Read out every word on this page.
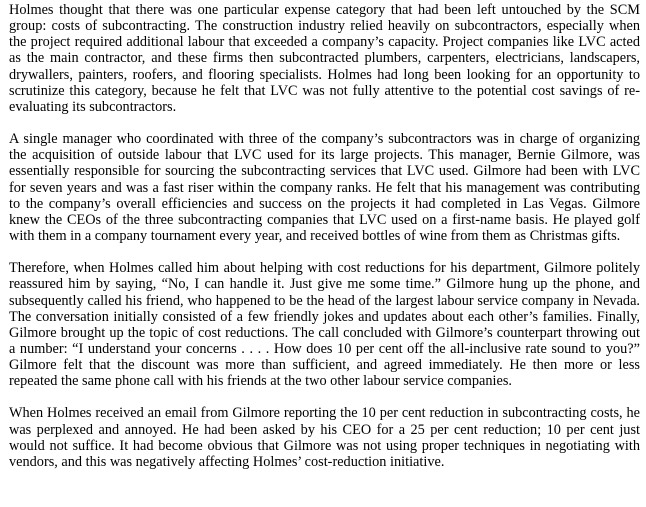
Holmes thought that there was one particular expense category that had been left untouched by the SCM group: costs of subcontracting. The construction industry relied heavily on subcontractors, especially when the project required additional labour that exceeded a company’s capacity. Project companies like LVC acted as the main contractor, and these firms then subcontracted plumbers, carpenters, electricians, landscapers, drywallers, painters, roofers, and flooring specialists. Holmes had long been looking for an opportunity to scrutinize this category, because he felt that LVC was not fully attentive to the potential cost savings of re-evaluating its subcontractors.

A single manager who coordinated with three of the company’s subcontractors was in charge of organizing the acquisition of outside labour that LVC used for its large projects. This manager, Bernie Gilmore, was essentially responsible for sourcing the subcontracting services that LVC used. Gilmore had been with LVC for seven years and was a fast riser within the company ranks. He felt that his management was contributing to the company’s overall efficiencies and success on the projects it had completed in Las Vegas. Gilmore knew the CEOs of the three subcontracting companies that LVC used on a first-name basis. He played golf with them in a company tournament every year, and received bottles of wine from them as Christmas gifts.

Therefore, when Holmes called him about helping with cost reductions for his department, Gilmore politely reassured him by saying, “No, I can handle it. Just give me some time.” Gilmore hung up the phone, and subsequently called his friend, who happened to be the head of the largest labour service company in Nevada. The conversation initially consisted of a few friendly jokes and updates about each other’s families. Finally, Gilmore brought up the topic of cost reductions. The call concluded with Gilmore’s counterpart throwing out a number: “I understand your concerns . . . . How does 10 per cent off the all-inclusive rate sound to you?” Gilmore felt that the discount was more than sufficient, and agreed immediately. He then more or less repeated the same phone call with his friends at the two other labour service companies.

When Holmes received an email from Gilmore reporting the 10 per cent reduction in subcontracting costs, he was perplexed and annoyed. He had been asked by his CEO for a 25 per cent reduction; 10 per cent just would not suffice. It had become obvious that Gilmore was not using proper techniques in negotiating with vendors, and this was negatively affecting Holmes’ cost-reduction initiative.
